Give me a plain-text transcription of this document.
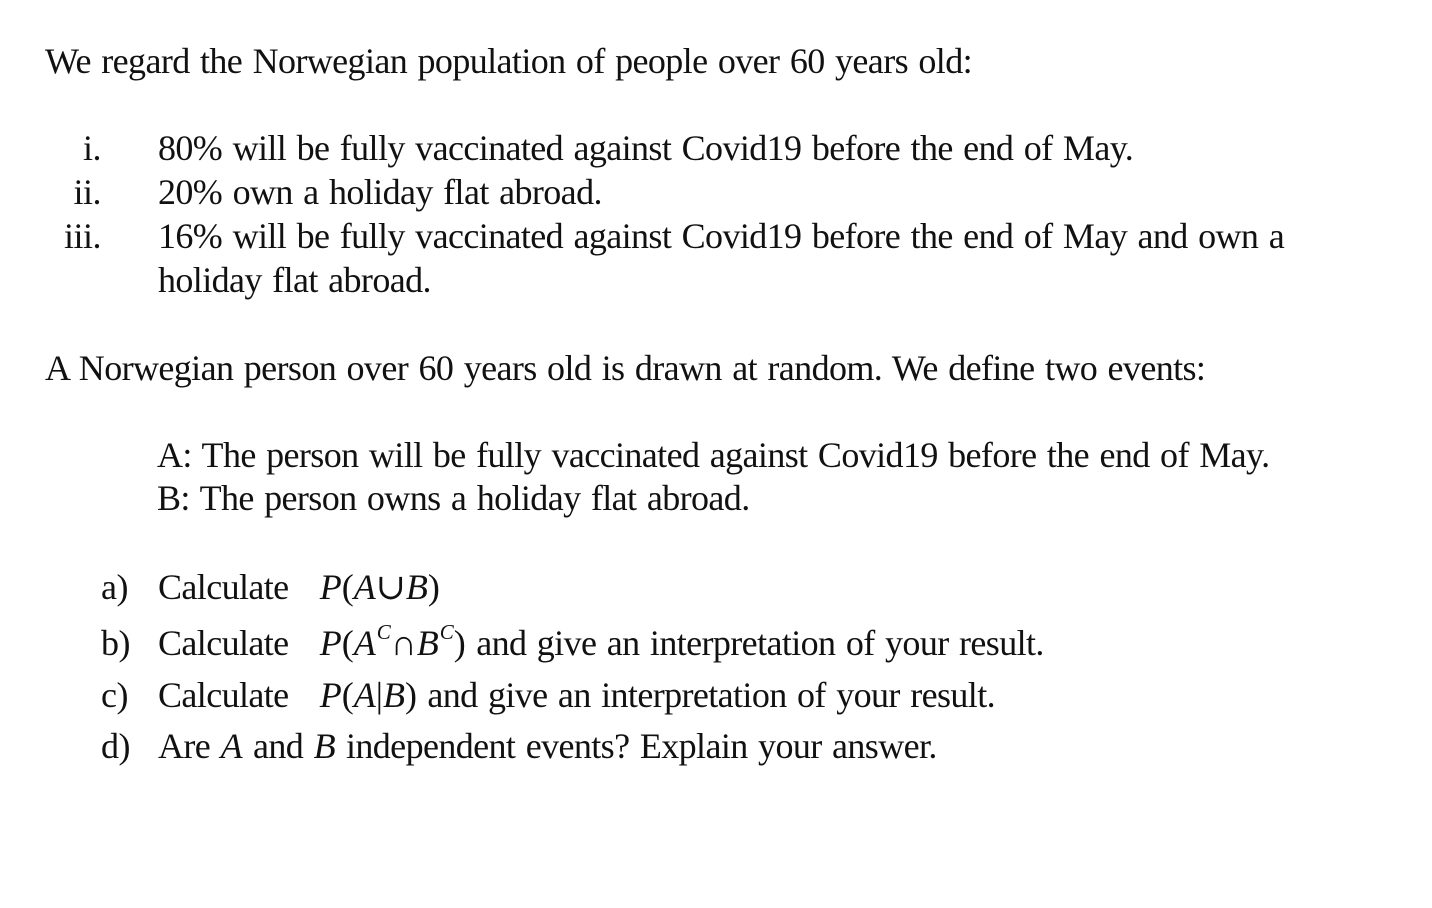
We regard the Norwegian population of people over 60 years old:
i. 80% will be fully vaccinated against Covid19 before the end of May.
ii. 20% own a holiday flat abroad.
iii. 16% will be fully vaccinated against Covid19 before the end of May and own a
holiday flat abroad.
A Norwegian person over 60 years old is drawn at random. We define two events:
A: The person will be fully vaccinated against Covid19 before the end of May.
B: The person owns a holiday flat abroad.
a) Calculate P(A∪B)
b) Calculate $P(A^C\cap B^C)$ and give an interpretation of your result.
c) Calculate P(A|B) and give an interpretation of your result.
d) Are A and B independent events? Explain your answer.
